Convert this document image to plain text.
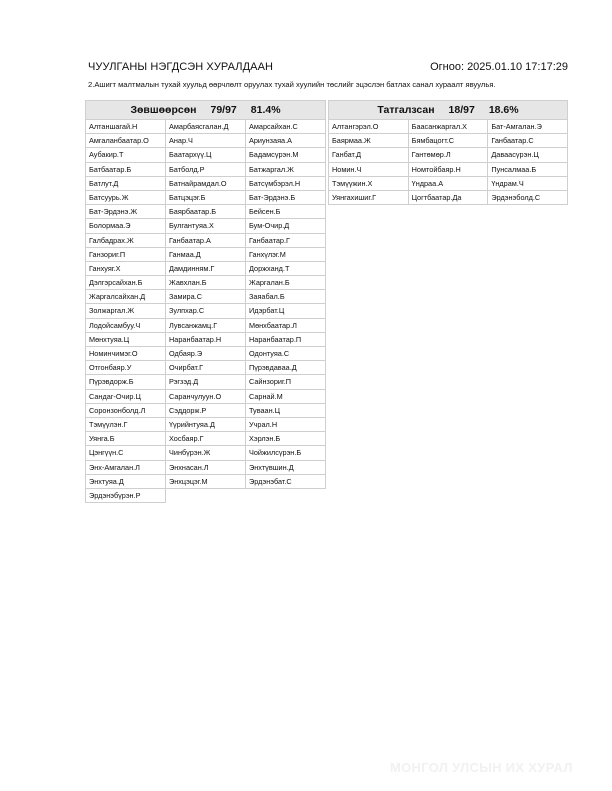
ЧУУЛГАНЫ НЭГДСЭН ХУРАЛДААН	Огноо: 2025.01.10 17:17:29
2.Ашигт малтмалын тухай хуульд өөрчлөлт оруулах тухай хуулийн төслийг эцэслэн батлах санал хураалт явуулья.
Зөвшөөрсөн 79/97 81.4%
Алтаншагай.Н	Амарбаясгалан.Д	Амарсайхан.С
Амгаланбаатар.О	Анар.Ч	Ариунзаяа.А
Аубакир.Т	Баатархүү.Ц	Бадамсүрэн.М
Батбаатар.Б	Батболд.Р	Батжаргал.Ж
Батлут.Д	Батнайрамдал.О	Батсүмбэрэл.Н
Батсуурь.Ж	Батцэцэг.Б	Бат-Эрдэнэ.Б
Бат-Эрдэнэ.Ж	Баярбаатар.Б	Бейсен.Б
Болормаа.Э	Булгантуяа.Х	Бум-Очир.Д
Галбадрах.Ж	Ганбаатар.А	Ганбаатар.Г
Ганзориг.П	Ганмаа.Д	Ганхүлэг.М
Ганхуяг.Х	Дамдинням.Г	Доржханд.Т
Дэлгэрсайхан.Б	Жавхлан.Б	Жаргалан.Б
Жаргалсайхан.Д	Замира.С	Заяабал.Б
Золжаргал.Ж	Зулпхар.С	Идэрбат.Ц
Лодойсамбуу.Ч	Лувсанжамц.Г	Мөнхбаатар.Л
Мөнхтуяа.Ц	Наранбаатар.Н	Наранбаатар.П
Номинчимэг.О	Одбаяр.Э	Одонтуяа.С
Отгонбаяр.У	Очирбат.Г	Пүрэвдаваа.Д
Пүрэвдорж.Б	Рэгзэд.Д	Сайнзориг.П
Сандаг-Очир.Ц	Саранчулуун.О	Сарнай.М
Соронзонболд.Л	Сэддорж.Р	Туваан.Ц
Тэмүүлэн.Г	Үүрийнтуяа.Д	Учрал.Н
Уянга.Б	Хосбаяр.Г	Хэрлэн.Б
Цэнгүүн.С	Чинбүрэн.Ж	Чойжилсүрэн.Б
Энх-Амгалан.Л	Энхнасан.Л	Энхтүвшин.Д
Энхтуяа.Д	Энхцэцэг.М	Эрдэнэбат.С
Эрдэнэбүрэн.Р
Татгалзсан 18/97 18.6%
Алтангэрэл.О	Баасанжаргал.Х	Бат-Амгалан.Э
Баярмаа.Ж	Бямбацогт.С	Ганбаатар.С
Ганбат.Д	Гантөмөр.Л	Даваасүрэн.Ц
Номин.Ч	Номтойбаяр.Н	Пунсалмаа.Б
Тэмүүжин.Х	Үндраа.А	Үндрам.Ч
Уянгахишиг.Г	Цогтбаатар.Да	Эрдэнэболд.С
МОНГОЛ УЛСЫН ИХ ХУРАЛ
